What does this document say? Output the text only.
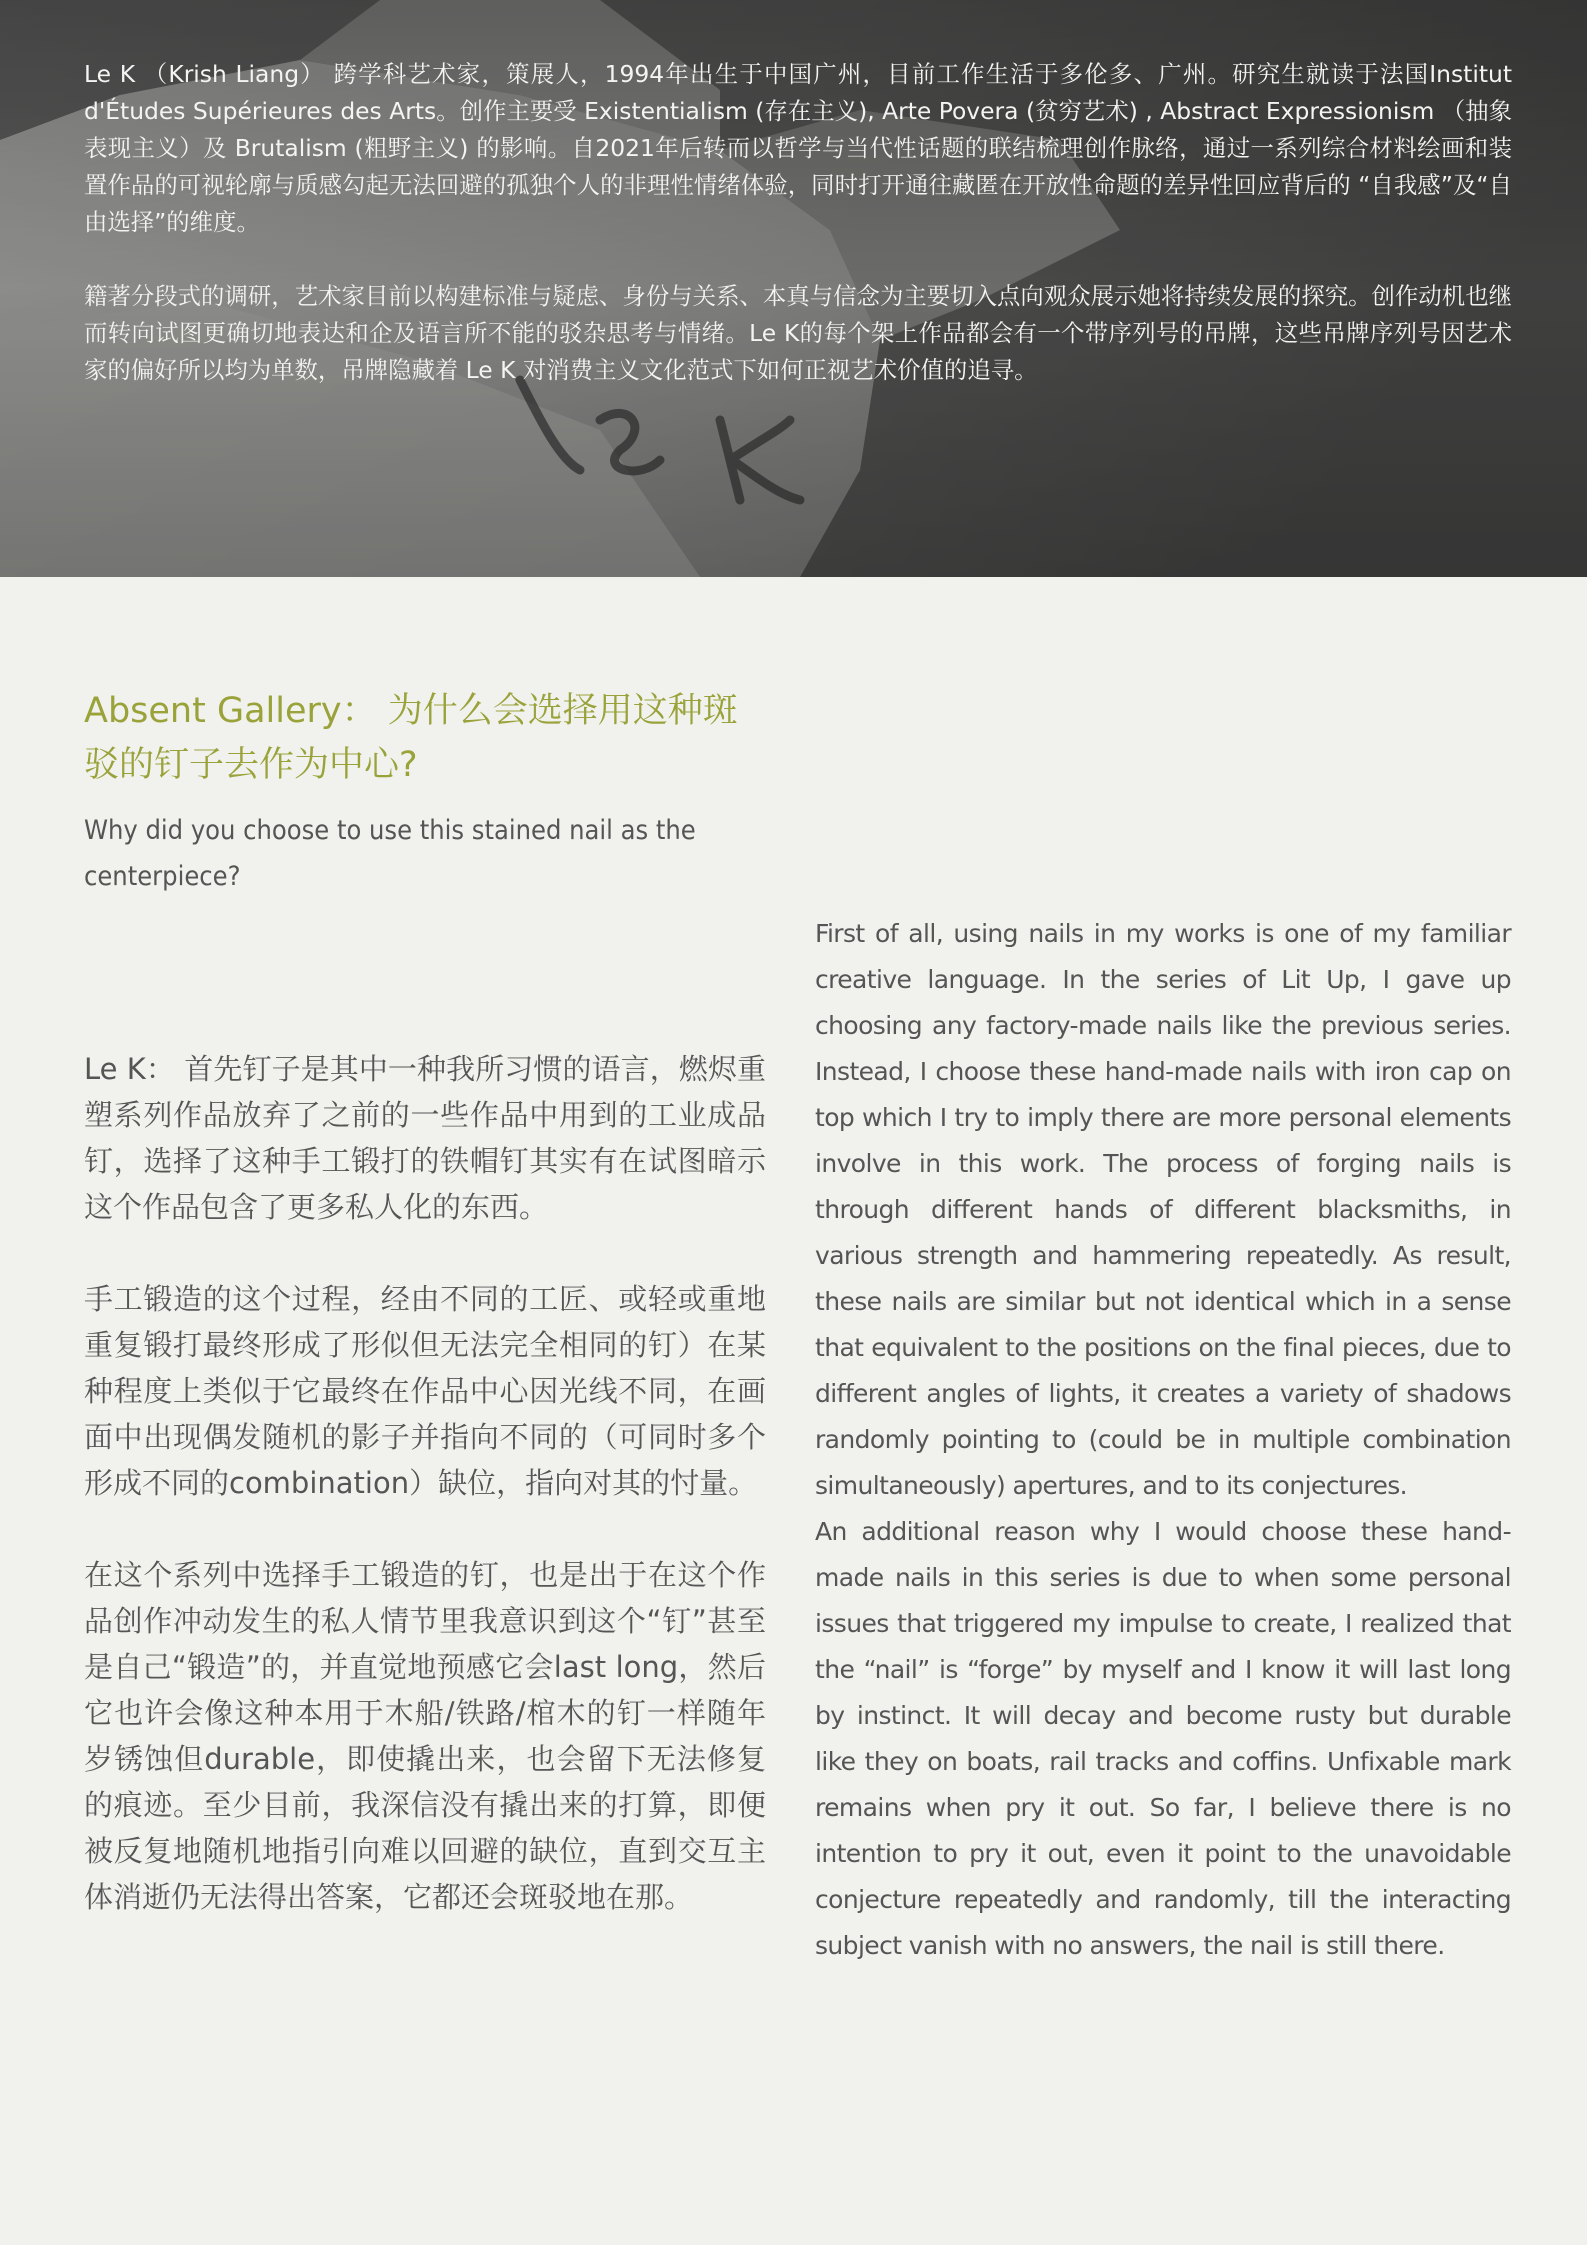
Le K （Krish Liang） 跨学科艺术家，策展人，1994年出生于中国广州，目前工作生活于多伦多、广州。研究生就读于法国Institut d'Études Supérieures des Arts。创作主要受 Existentialism (存在主义), Arte Povera (贫穷艺术) , Abstract Expressionism （抽象表现主义）及 Brutalism (粗野主义) 的影响。自2021年后转而以哲学与当代性话题的联结梳理创作脉络，通过一系列综合材料绘画和装置作品的可视轮廓与质感勾起无法回避的孤独个人的非理性情绪体验，同时打开通往藏匿在开放性命题的差异性回应背后的 “自我感”及“自由选择”的维度。

籍著分段式的调研，艺术家目前以构建标准与疑虑、身份与关系、本真与信念为主要切入点向观众展示她将持续发展的探究。创作动机也继而转向试图更确切地表达和企及语言所不能的驳杂思考与情绪。Le K的每个架上作品都会有一个带序列号的吊牌，这些吊牌序列号因艺术家的偏好所以均为单数，吊牌隐藏着 Le K 对消费主义文化范式下如何正视艺术价值的追寻。

Absent Gallery： 为什么会选择用这种斑驳的钉子去作为中心?

Why did you choose to use this stained nail as the centerpiece?

Le K： 首先钉子是其中一种我所习惯的语言，燃烬重塑系列作品放弃了之前的一些作品中用到的工业成品钉，选择了这种手工锻打的铁帽钉其实有在试图暗示这个作品包含了更多私人化的东西。

手工锻造的这个过程，经由不同的工匠、或轻或重地重复锻打最终形成了形似但无法完全相同的钉）在某种程度上类似于它最终在作品中心因光线不同，在画面中出现偶发随机的影子并指向不同的（可同时多个形成不同的combination）缺位，指向对其的忖量。

在这个系列中选择手工锻造的钉，也是出于在这个作品创作冲动发生的私人情节里我意识到这个“钉”甚至是自己“锻造”的，并直觉地预感它会last long，然后它也许会像这种本用于木船/铁路/棺木的钉一样随年岁锈蚀但durable，即使撬出来，也会留下无法修复的痕迹。至少目前，我深信没有撬出来的打算，即便被反复地随机地指引向难以回避的缺位，直到交互主体消逝仍无法得出答案，它都还会斑驳地在那。

First of all, using nails in my works is one of my familiar creative language. In the series of Lit Up, I gave up choosing any factory-made nails like the previous series. Instead, I choose these hand-made nails with iron cap on top which I try to imply there are more personal elements involve in this work. The process of forging nails is through different hands of different blacksmiths, in various strength and hammering repeatedly. As result, these nails are similar but not identical which in a sense that equivalent to the positions on the final pieces, due to different angles of lights, it creates a variety of shadows randomly pointing to (could be in multiple combination simultaneously) apertures, and to its conjectures.

An additional reason why I would choose these hand-made nails in this series is due to when some personal issues that triggered my impulse to create, I realized that the “nail” is “forge” by myself and I know it will last long by instinct. It will decay and become rusty but durable like they on boats, rail tracks and coffins. Unfixable mark remains when pry it out. So far, I believe there is no intention to pry it out, even it point to the unavoidable conjecture repeatedly and randomly, till the interacting subject vanish with no answers, the nail is still there.
